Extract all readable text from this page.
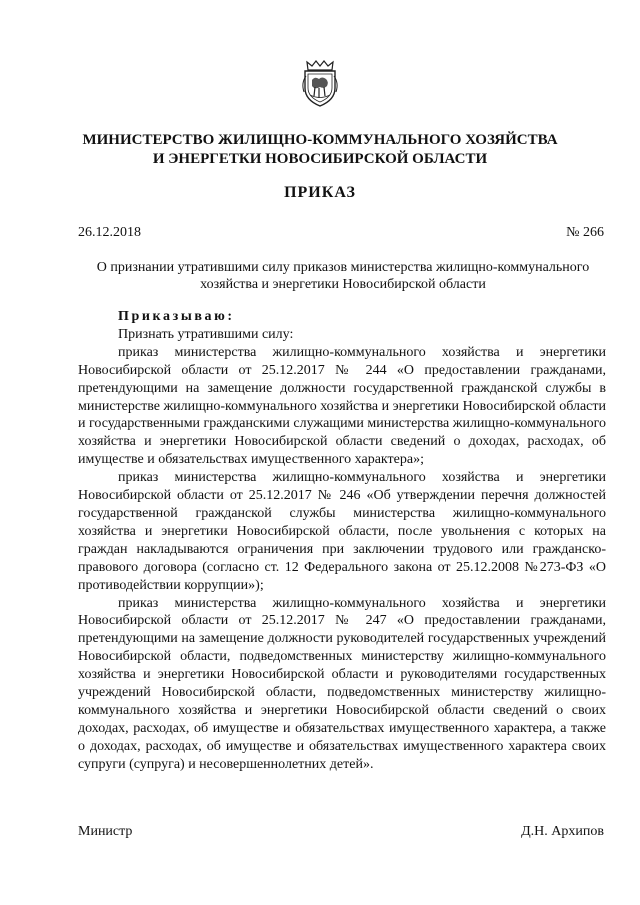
МИНИСТЕРСТВО ЖИЛИЩНО-КОММУНАЛЬНОГО ХОЗЯЙСТВА
И ЭНЕРГЕТКИ НОВОСИБИРСКОЙ ОБЛАСТИ
ПРИКАЗ
26.12.2018	№ 266

О признании утратившими силу приказов министерства жилищно-коммунального хозяйства и энергетики Новосибирской области

Приказываю:

Признать утратившими силу:

приказ министерства жилищно-коммунального хозяйства и энергетики Новосибирской области от 25.12.2017 № 244 «О предоставлении гражданами, претендующими на замещение должности государственной гражданской службы в министерстве жилищно-коммунального хозяйства и энергетики Новосибирской области и государственными гражданскими служащими министерства жилищно-коммунального хозяйства и энергетики Новосибирской области сведений о доходах, расходах, об имуществе и обязательствах имущественного характера»;

приказ министерства жилищно-коммунального хозяйства и энергетики Новосибирской области от 25.12.2017 № 246 «Об утверждении перечня должностей государственной гражданской службы министерства жилищно-коммунального хозяйства и энергетики Новосибирской области, после увольнения с которых на граждан накладываются ограничения при заключении трудового или гражданско-правового договора (согласно ст. 12 Федерального закона от 25.12.2008 №273-ФЗ «О противодействии коррупции»);

приказ министерства жилищно-коммунального хозяйства и энергетики Новосибирской области от 25.12.2017 № 247 «О предоставлении гражданами, претендующими на замещение должности руководителей государственных учреждений Новосибирской области, подведомственных министерству жилищно-коммунального хозяйства и энергетики Новосибирской области и руководителями государственных учреждений Новосибирской области, подведомственных министерству жилищно-коммунального хозяйства и энергетики Новосибирской области сведений о своих доходах, расходах, об имуществе и обязательствах имущественного характера, а также о доходах, расходах, об имуществе и обязательствах имущественного характера своих супруги (супруга) и несовершеннолетних детей».

Министр	Д.Н. Архипов
